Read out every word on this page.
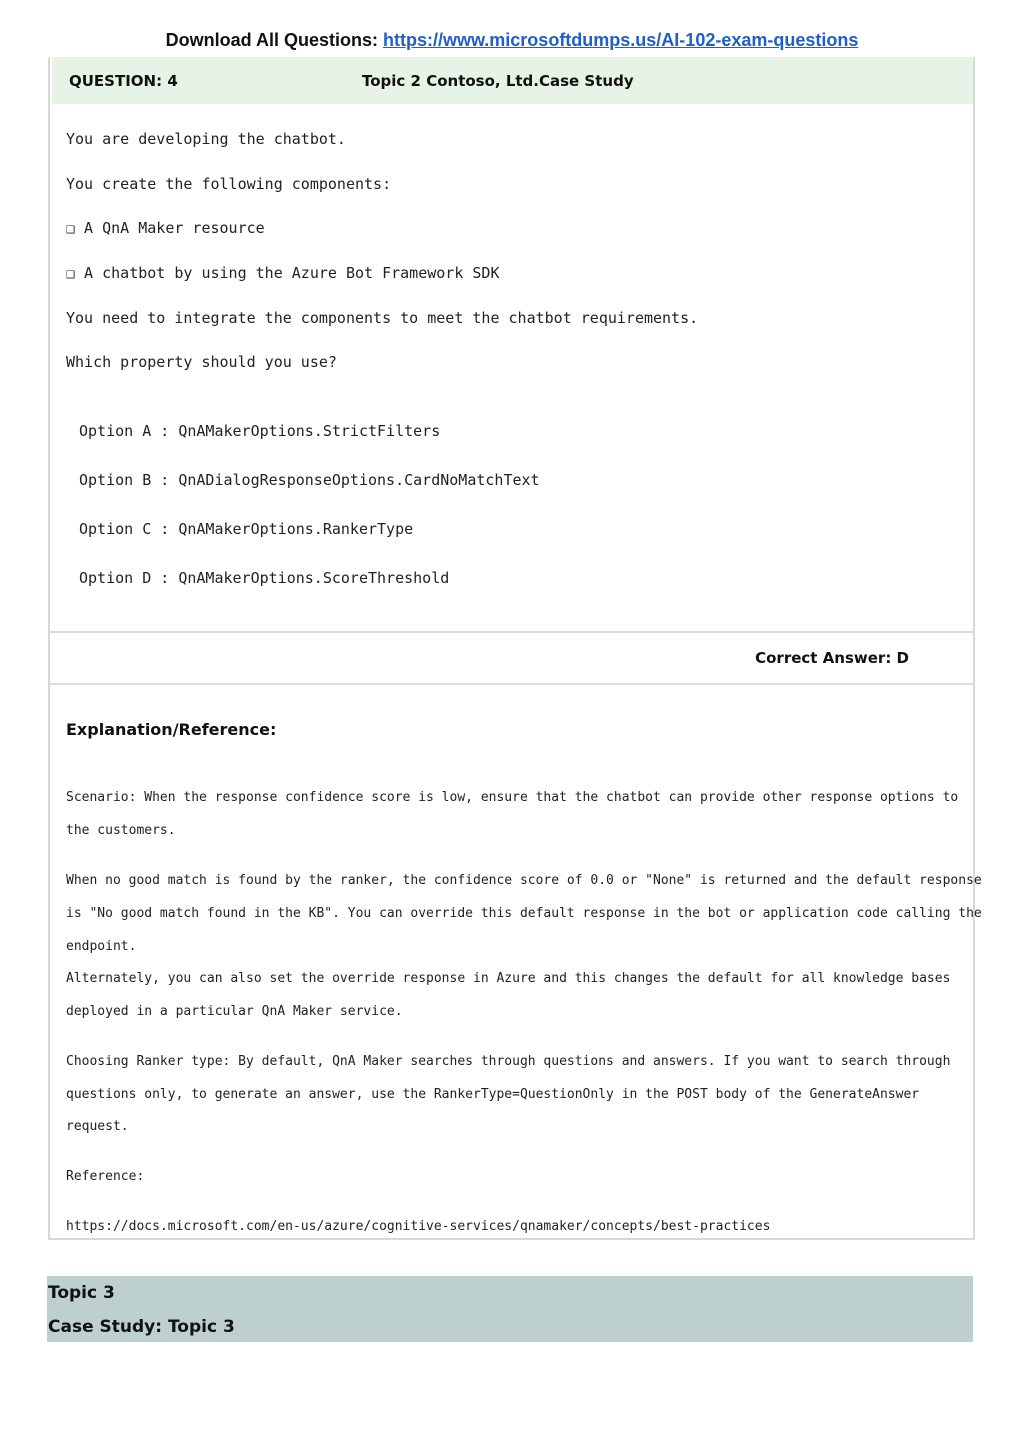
Download All Questions: https://www.microsoftdumps.us/AI-102-exam-questions
QUESTION: 4	Topic 2 Contoso, Ltd.Case Study
You are developing the chatbot.
You create the following components:
❑ A QnA Maker resource
❑ A chatbot by using the Azure Bot Framework SDK
You need to integrate the components to meet the chatbot requirements.
Which property should you use?
Option A : QnAMakerOptions.StrictFilters
Option B : QnADialogResponseOptions.CardNoMatchText
Option C : QnAMakerOptions.RankerType
Option D : QnAMakerOptions.ScoreThreshold
Correct Answer: D
Explanation/Reference:
Scenario: When the response confidence score is low, ensure that the chatbot can provide other response options to
the customers.
When no good match is found by the ranker, the confidence score of 0.0 or "None" is returned and the default response
is "No good match found in the KB". You can override this default response in the bot or application code calling the
endpoint.
Alternately, you can also set the override response in Azure and this changes the default for all knowledge bases
deployed in a particular QnA Maker service.
Choosing Ranker type: By default, QnA Maker searches through questions and answers. If you want to search through
questions only, to generate an answer, use the RankerType=QuestionOnly in the POST body of the GenerateAnswer
request.
Reference:
https://docs.microsoft.com/en-us/azure/cognitive-services/qnamaker/concepts/best-practices
Topic 3
Case Study: Topic 3
